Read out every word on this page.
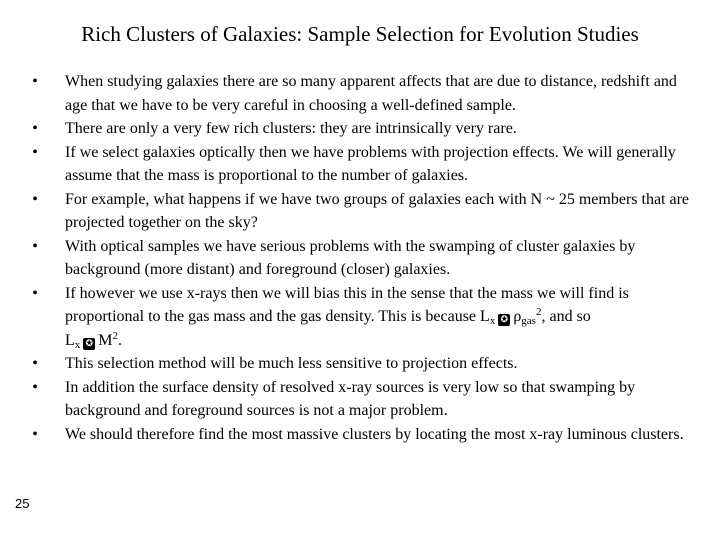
Rich Clusters of Galaxies: Sample Selection for Evolution Studies
• When studying galaxies there are so many apparent affects that are due to distance, redshift and age that we have to be very careful in choosing a well-defined sample.
• There are only a very few rich clusters: they are intrinsically very rare.
• If we select galaxies optically then we have problems with projection effects. We will generally assume that the mass is proportional to the number of galaxies.
• For example, what happens if we have two groups of galaxies each with N ~ 25 members that are projected together on the sky?
• With optical samples we have serious problems with the swamping of cluster galaxies by background (more distant) and foreground (closer) galaxies.
• If however we use x-rays then we will bias this in the sense that the mass we will find is proportional to the gas mass and the gas density. This is because $L_x$ ✪ $\rho_{gas}^2$, and so
$L_x$ ✪ $M^2$.
• This selection method will be much less sensitive to projection effects.
• In addition the surface density of resolved x-ray sources is very low so that swamping by background and foreground sources is not a major problem.
• We should therefore find the most massive clusters by locating the most x-ray luminous clusters.
25
